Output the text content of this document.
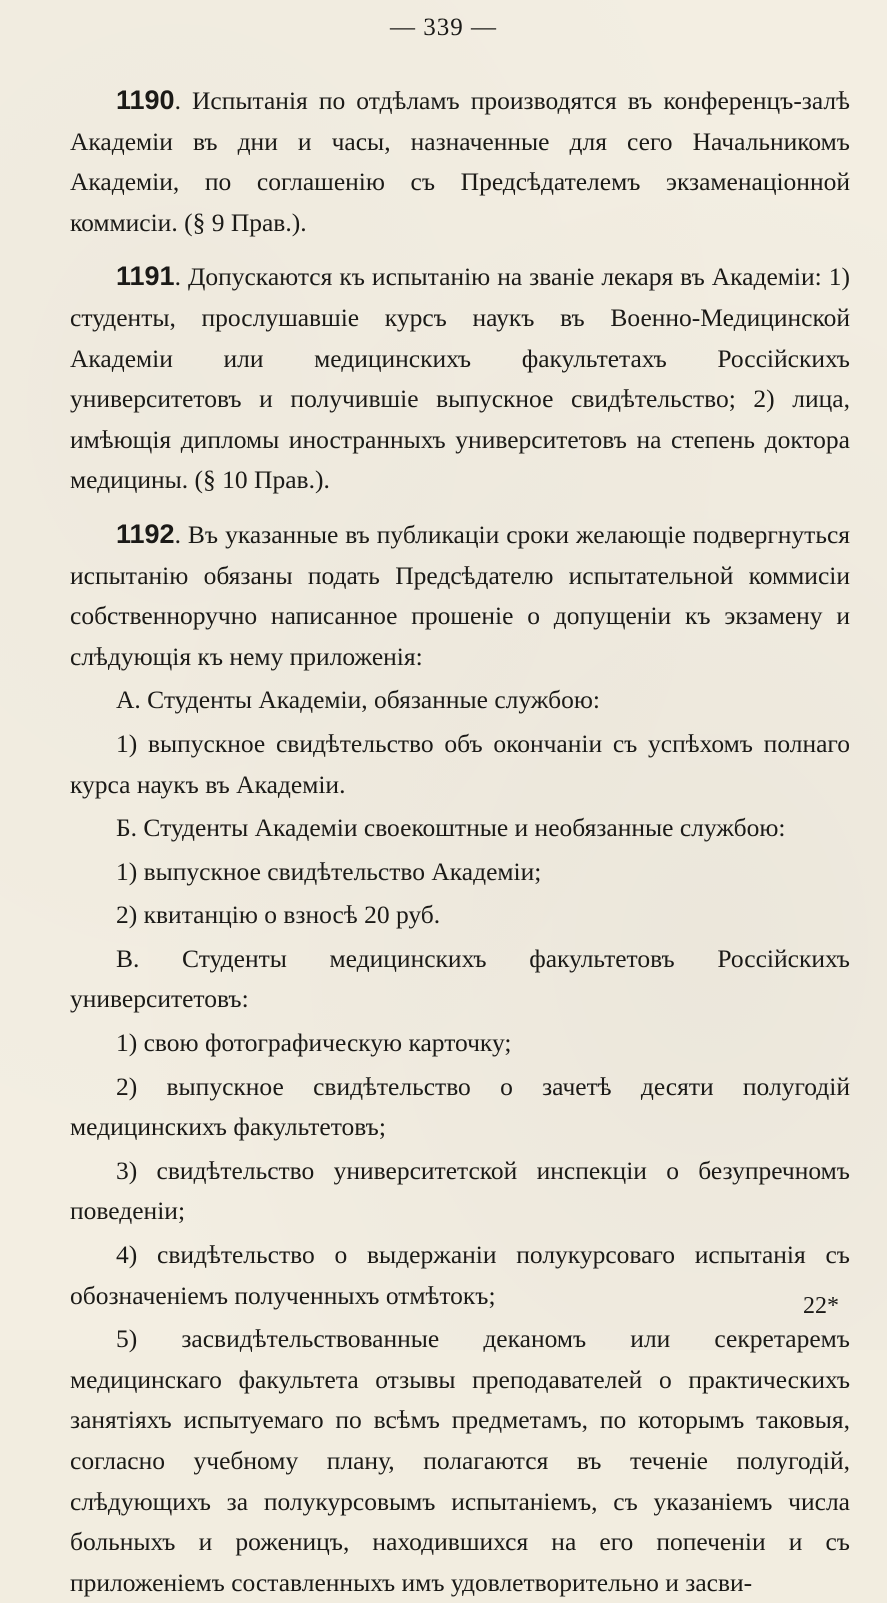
— 339 —

1190. Испытанія по отдѣламъ производятся въ конференцъ-залѣ Академіи въ дни и часы, назначенные для сего Начальникомъ Академіи, по соглашенію съ Предсѣдателемъ экзаменаціонной коммисіи. (§ 9 Прав.).

1191. Допускаются къ испытанію на званіе лекаря въ Академіи: 1) студенты, прослушавшіе курсъ наукъ въ Военно-Медицинской Академіи или медицинскихъ факультетахъ Россійскихъ университетовъ и получившіе выпускное свидѣтельство; 2) лица, имѣющія дипломы иностранныхъ университетовъ на степень доктора медицины. (§ 10 Прав.).

1192. Въ указанные въ публикаціи сроки желающіе подвергнуться испытанію обязаны подать Предсѣдателю испытательной коммисіи собственноручно написанное прошеніе о допущеніи къ экзамену и слѣдующія къ нему приложенія:

А. Студенты Академіи, обязанные службою:

1) выпускное свидѣтельство объ окончаніи съ успѣхомъ полнаго курса наукъ въ Академіи.

Б. Студенты Академіи своекоштные и необязанные службою:

1) выпускное свидѣтельство Академіи;

2) квитанцію о взносѣ 20 руб.

В. Студенты медицинскихъ факультетовъ Россійскихъ университетовъ:

1) свою фотографическую карточку;

2) выпускное свидѣтельство о зачетѣ десяти полугодій медицинскихъ факультетовъ;

3) свидѣтельство университетской инспекціи о безупречномъ поведеніи;

4) свидѣтельство о выдержаніи полукурсоваго испытанія съ обозначеніемъ полученныхъ отмѣтокъ;

5) засвидѣтельствованные деканомъ или секретаремъ медицинскаго факультета отзывы преподавателей о практическихъ занятіяхъ испытуемаго по всѣмъ предметамъ, по которымъ таковыя, согласно учебному плану, полагаются въ теченіе полугодій, слѣдующихъ за полукурсовымъ испытаніемъ, съ указаніемъ числа больныхъ и роженицъ, находившихся на его попеченіи и съ приложеніемъ составленныхъ имъ удовлетворительно и засви-

22*
